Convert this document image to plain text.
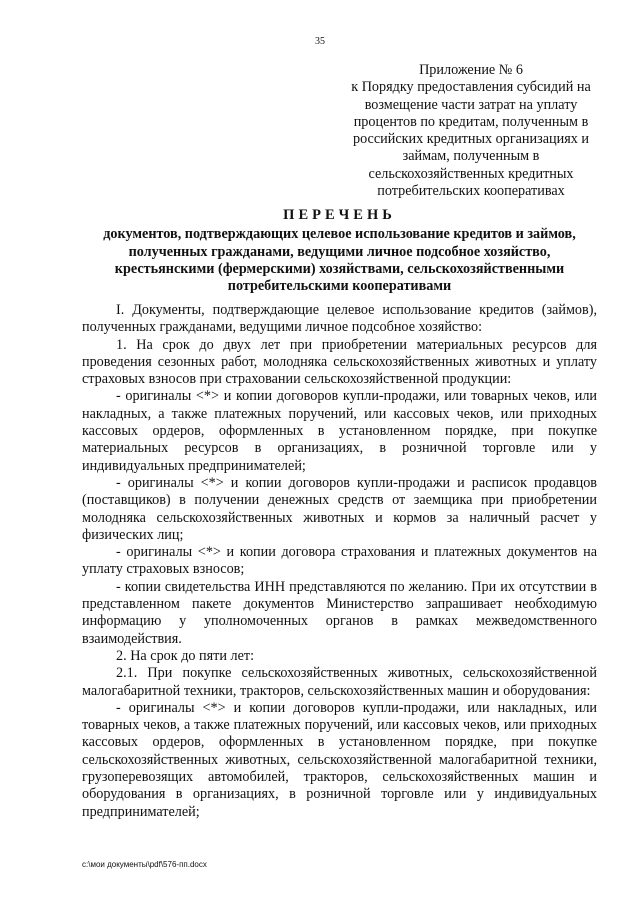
35
Приложение № 6
к Порядку предоставления субсидий на возмещение части затрат на уплату процентов по кредитам, полученным в российских кредитных организациях и займам, полученным в сельскохозяйственных кредитных потребительских кооперативах
ПЕРЕЧЕНЬ
документов, подтверждающих целевое использование кредитов и займов, полученных гражданами, ведущими личное подсобное хозяйство, крестьянскими (фермерскими) хозяйствами, сельскохозяйственными потребительскими кооперативами

I. Документы, подтверждающие целевое использование кредитов (займов), полученных гражданами, ведущими личное подсобное хозяйство:

1. На срок до двух лет при приобретении материальных ресурсов для проведения сезонных работ, молодняка сельскохозяйственных животных и уплату страховых взносов при страховании сельскохозяйственной продукции:

- оригиналы <*> и копии договоров купли-продажи, или товарных чеков, или накладных, а также платежных поручений, или кассовых чеков, или приходных кассовых ордеров, оформленных в установленном порядке, при покупке материальных ресурсов в организациях, в розничной торговле или у индивидуальных предпринимателей;

- оригиналы <*> и копии договоров купли-продажи и расписок продавцов (поставщиков) в получении денежных средств от заемщика при приобретении молодняка сельскохозяйственных животных и кормов за наличный расчет у физических лиц;

- оригиналы <*> и копии договора страхования и платежных документов на уплату страховых взносов;

- копии свидетельства ИНН представляются по желанию. При их отсутствии в представленном пакете документов Министерство запрашивает необходимую информацию у уполномоченных органов в рамках межведомственного взаимодействия.

2. На срок до пяти лет:

2.1. При покупке сельскохозяйственных животных, сельскохозяйственной малогабаритной техники, тракторов, сельскохозяйственных машин и оборудования:

- оригиналы <*> и копии договоров купли-продажи, или накладных, или товарных чеков, а также платежных поручений, или кассовых чеков, или приходных кассовых ордеров, оформленных в установленном порядке, при покупке сельскохозяйственных животных, сельскохозяйственной малогабаритной техники, грузоперевозящих автомобилей, тракторов, сельскохозяйственных машин и оборудования в организациях, в розничной торговле или у индивидуальных предпринимателей;

c:\мои документы\pdf\576-пп.docx
